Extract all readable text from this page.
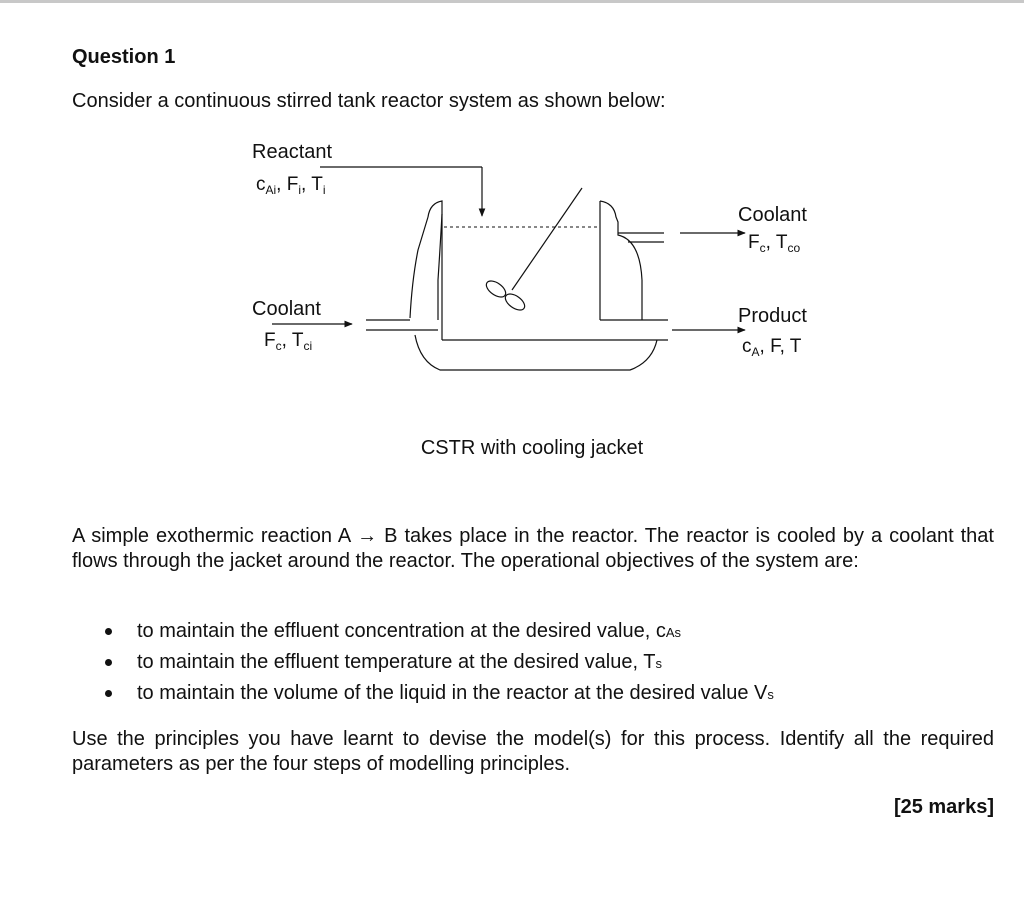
Question 1
Consider a continuous stirred tank reactor system as shown below:
Reactant
$c_{Ai}$, $F_i$, $T_i$
Coolant
$F_c$, $T_{ci}$
Coolant
$F_c$, $T_{co}$
Product
$c_A$, F, T
CSTR with cooling jacket
A simple exothermic reaction A → B takes place in the reactor. The reactor is cooled by a coolant that flows through the jacket around the reactor. The operational objectives of the system are:
to maintain the effluent concentration at the desired value, cAs
to maintain the effluent temperature at the desired value, Ts
to maintain the volume of the liquid in the reactor at the desired value Vs
Use the principles you have learnt to devise the model(s) for this process. Identify all the required parameters as per the four steps of modelling principles.
[25 marks]
